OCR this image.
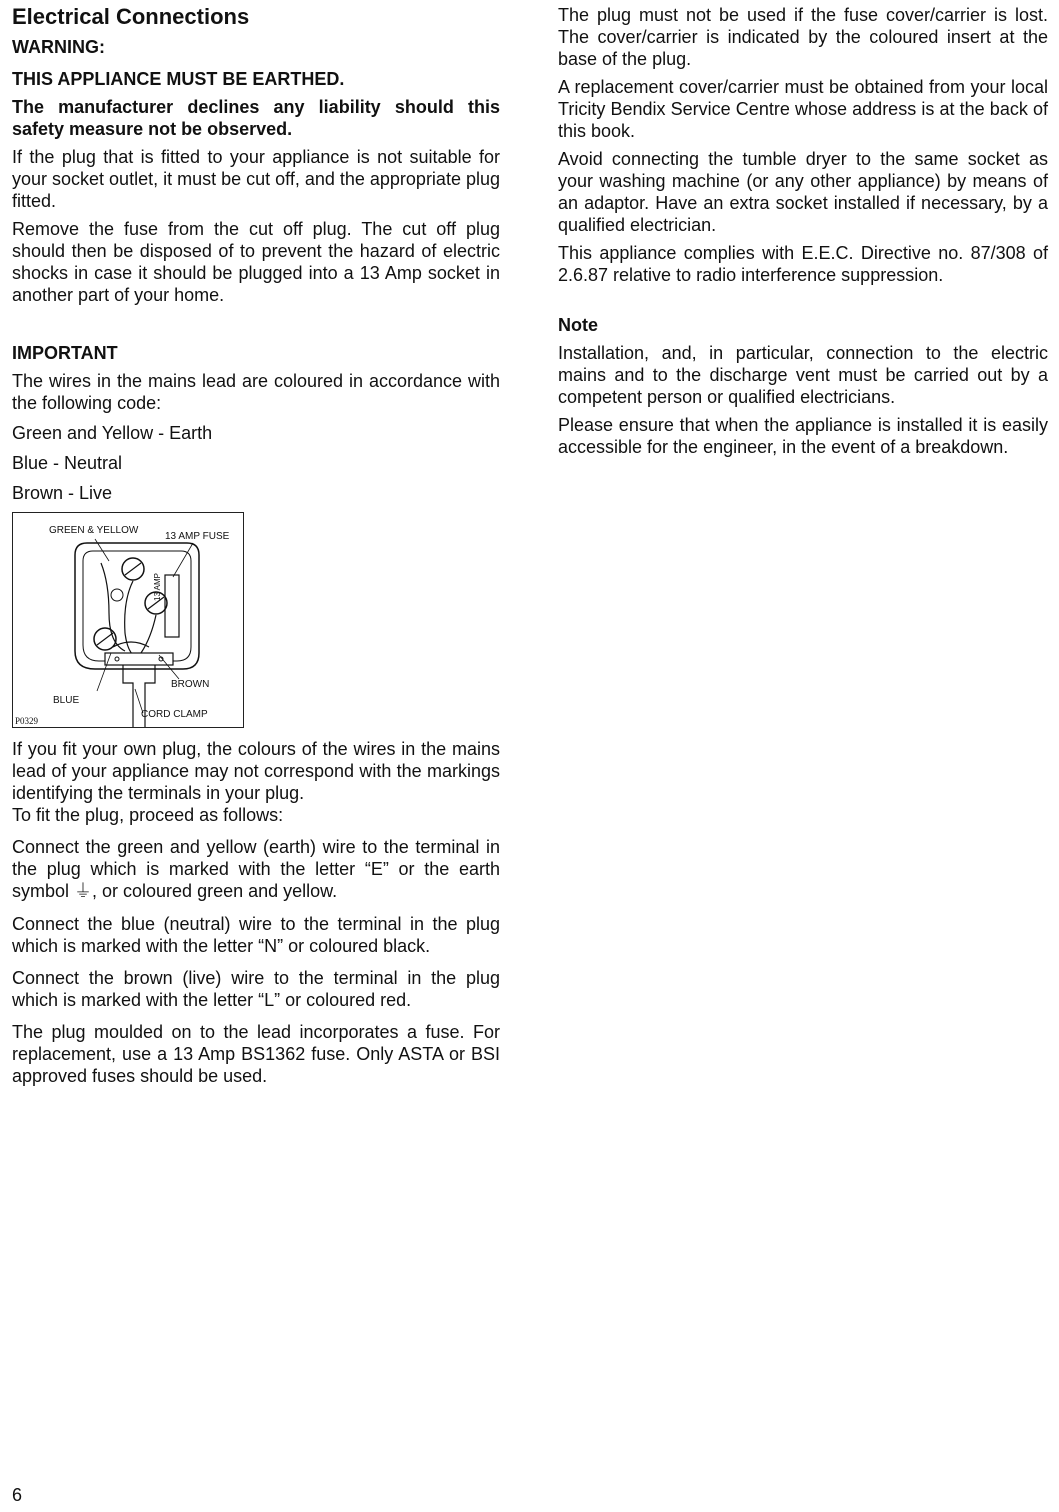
Electrical Connections
WARNING:
THIS APPLIANCE MUST BE EARTHED.

The manufacturer declines any liability should this safety measure not be observed.

If the plug that is fitted to your appliance is not suitable for your socket outlet, it must be cut off, and the appropriate plug fitted.

Remove the fuse from the cut off plug. The cut off plug should then be disposed of to prevent the hazard of electric shocks in case it should be plugged into a 13 Amp socket in another part of your home.

IMPORTANT

The wires in the mains lead are coloured in accordance with the following code:

Green and Yellow - Earth

Blue - Neutral

Brown - Live

GREEN & YELLOW
13 AMP FUSE
13 AMP
BROWN
BLUE
CORD CLAMP
P0329

If you fit your own plug, the colours of the wires in the mains lead of your appliance may not correspond with the markings identifying the terminals in your plug.

To fit the plug, proceed as follows:

Connect the green and yellow (earth) wire to the terminal in the plug which is marked with the letter “E” or the earth symbol ⏚, or coloured green and yellow.

Connect the blue (neutral) wire to the terminal in the plug which is marked with the letter “N” or coloured black.

Connect the brown (live) wire to the terminal in the plug which is marked with the letter “L” or coloured red.

The plug moulded on to the lead incorporates a fuse. For replacement, use a 13 Amp BS1362 fuse. Only ASTA or BSI approved fuses should be used.

The plug must not be used if the fuse cover/carrier is lost. The cover/carrier is indicated by the coloured insert at the base of the plug.

A replacement cover/carrier must be obtained from your local Tricity Bendix Service Centre whose address is at the back of this book.

Avoid connecting the tumble dryer to the same socket as your washing machine (or any other appliance) by means of an adaptor. Have an extra socket installed if necessary, by a qualified electrician.

This appliance complies with E.E.C. Directive no. 87/308 of 2.6.87 relative to radio interference suppression.

Note

Installation, and, in particular, connection to the electric mains and to the discharge vent must be carried out by a competent person or qualified electricians.

Please ensure that when the appliance is installed it is easily accessible for the engineer, in the event of a breakdown.

6
